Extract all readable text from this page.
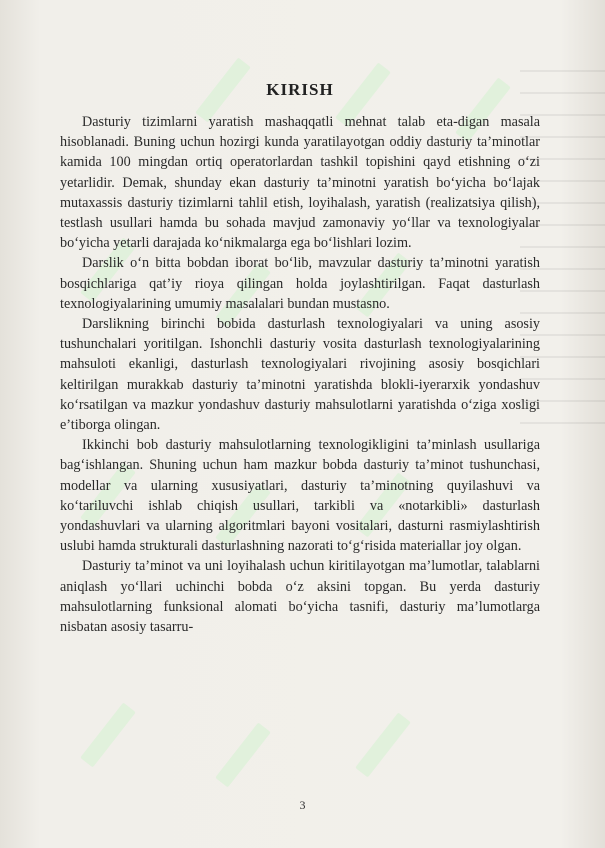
KIRISH

Dasturiy tizimlarni yaratish mashaqqatli mehnat talab eta-digan masala hisoblanadi. Buning uchun hozirgi kunda yaratilayotgan oddiy dasturiy ta’minotlar kamida 100 mingdan ortiq operatorlardan tashkil topishini qayd etishning o‘zi yetarlidir. Demak, shunday ekan dasturiy ta’minotni yaratish bo‘yicha bo‘lajak mutaxassis dasturiy tizimlarni tahlil etish, loyihalash, yaratish (realizatsiya qilish), testlash usullari hamda bu sohada mavjud zamonaviy yo‘llar va texnologiyalar bo‘yicha yetarli darajada ko‘nikmalarga ega bo‘lishlari lozim.

Darslik o‘n bitta bobdan iborat bo‘lib, mavzular dasturiy ta’minotni yaratish bosqichlariga qat’iy rioya qilingan holda joylashtirilgan. Faqat dasturlash texnologiyalarining umumiy masalalari bundan mustasno.

Darslikning birinchi bobida dasturlash texnologiyalari va uning asosiy tushunchalari yoritilgan. Ishonchli dasturiy vosita dasturlash texnologiyalarining mahsuloti ekanligi, dasturlash texnologiyalari rivojining asosiy bosqichlari keltirilgan murakkab dasturiy ta’minotni yaratishda blokli-iyerarxik yondashuv ko‘rsatilgan va mazkur yondashuv dasturiy mahsulotlarni yaratishda o‘ziga xosligi e’tiborga olingan.

Ikkinchi bob dasturiy mahsulotlarning texnologikligini ta’minlash usullariga bag‘ishlangan. Shuning uchun ham mazkur bobda dasturiy ta’minot tushunchasi, modellar va ularning xususiyatlari, dasturiy ta’minotning quyilashuvi va ko‘tariluvchi ishlab chiqish usullari, tarkibli va «notarkibli» dasturlash yondashuvlari va ularning algoritmlari bayoni vositalari, dasturni rasmiylashtirish uslubi hamda strukturali dasturlashning nazorati to‘g‘risida materiallar joy olgan.

Dasturiy ta’minot va uni loyihalash uchun kiritilayotgan ma’lumotlar, talablarni aniqlash yo‘llari uchinchi bobda o‘z aksini topgan. Bu yerda dasturiy mahsulotlarning funksional alomati bo‘yicha tasnifi, dasturiy ma’lumotlarga nisbatan asosiy tasarru-

3
